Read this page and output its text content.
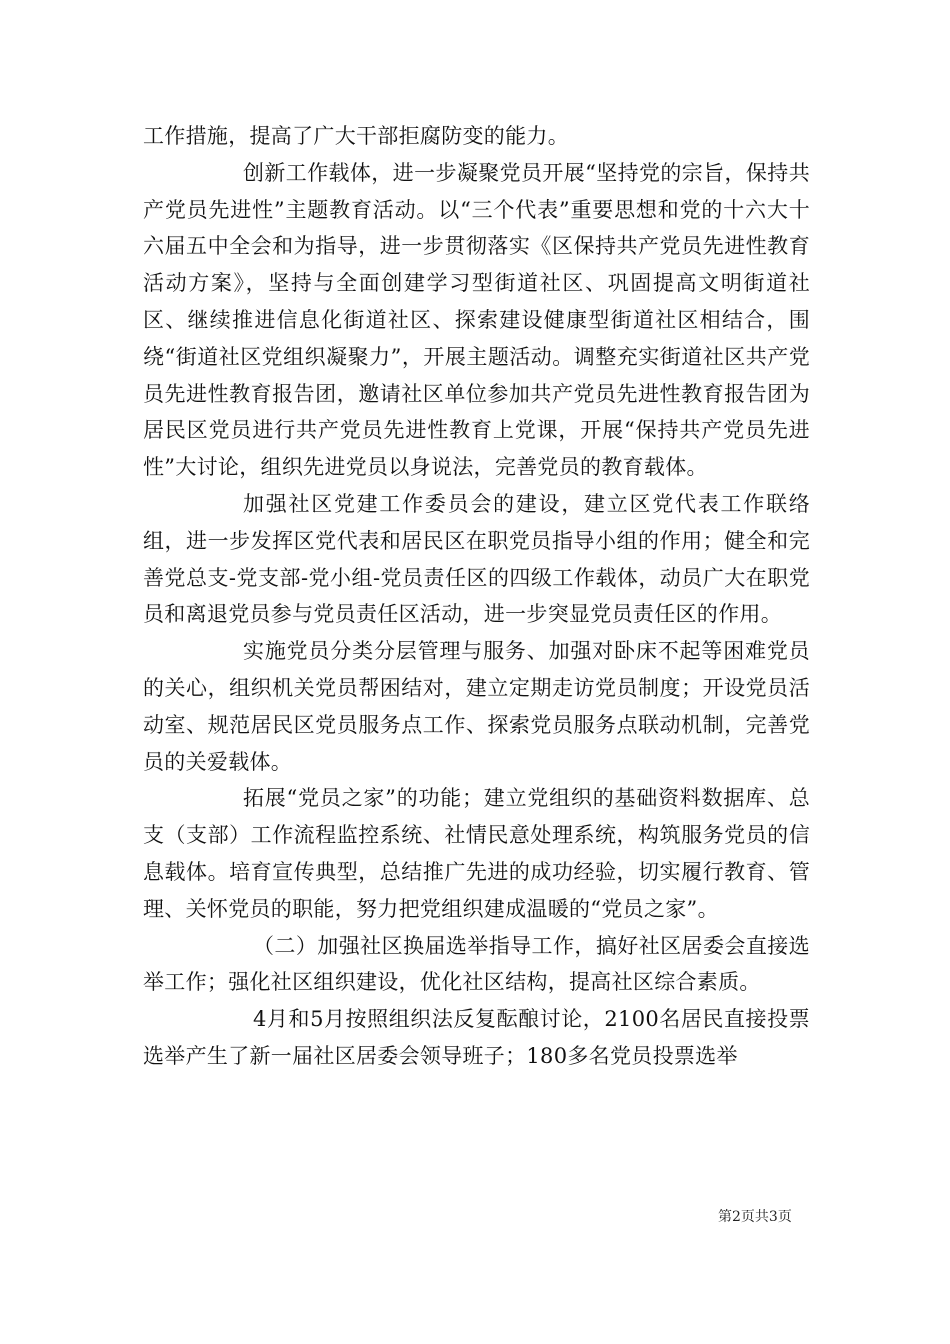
工作措施，提高了广大干部拒腐防变的能力。

创新工作载体，进一步凝聚党员开展“坚持党的宗旨，保持共产党员先进性”主题教育活动。以“三个代表”重要思想和党的十六大十六届五中全会和为指导，进一步贯彻落实《区保持共产党员先进性教育活动方案》，坚持与全面创建学习型街道社区、巩固提高文明街道社区、继续推进信息化街道社区、探索建设健康型街道社区相结合，围绕“街道社区党组织凝聚力”，开展主题活动。调整充实街道社区共产党员先进性教育报告团，邀请社区单位参加共产党员先进性教育报告团为居民区党员进行共产党员先进性教育上党课，开展“保持共产党员先进性”大讨论，组织先进党员以身说法，完善党员的教育载体。

加强社区党建工作委员会的建设，建立区党代表工作联络组，进一步发挥区党代表和居民区在职党员指导小组的作用；健全和完善党总支-党支部-党小组-党员责任区的四级工作载体，动员广大在职党员和离退党员参与党员责任区活动，进一步突显党员责任区的作用。

实施党员分类分层管理与服务、加强对卧床不起等困难党员的关心，组织机关党员帮困结对，建立定期走访党员制度；开设党员活动室、规范居民区党员服务点工作、探索党员服务点联动机制，完善党员的关爱载体。

拓展“党员之家”的功能；建立党组织的基础资料数据库、总支（支部）工作流程监控系统、社情民意处理系统，构筑服务党员的信息载体。培育宣传典型，总结推广先进的成功经验，切实履行教育、管理、关怀党员的职能，努力把党组织建成温暖的“党员之家”。

（二）加强社区换届选举指导工作，搞好社区居委会直接选举工作；强化社区组织建设，优化社区结构，提高社区综合素质。

4月和5月按照组织法反复酝酿讨论，2100名居民直接投票选举产生了新一届社区居委会领导班子；180多名党员投票选举

第2页共3页
